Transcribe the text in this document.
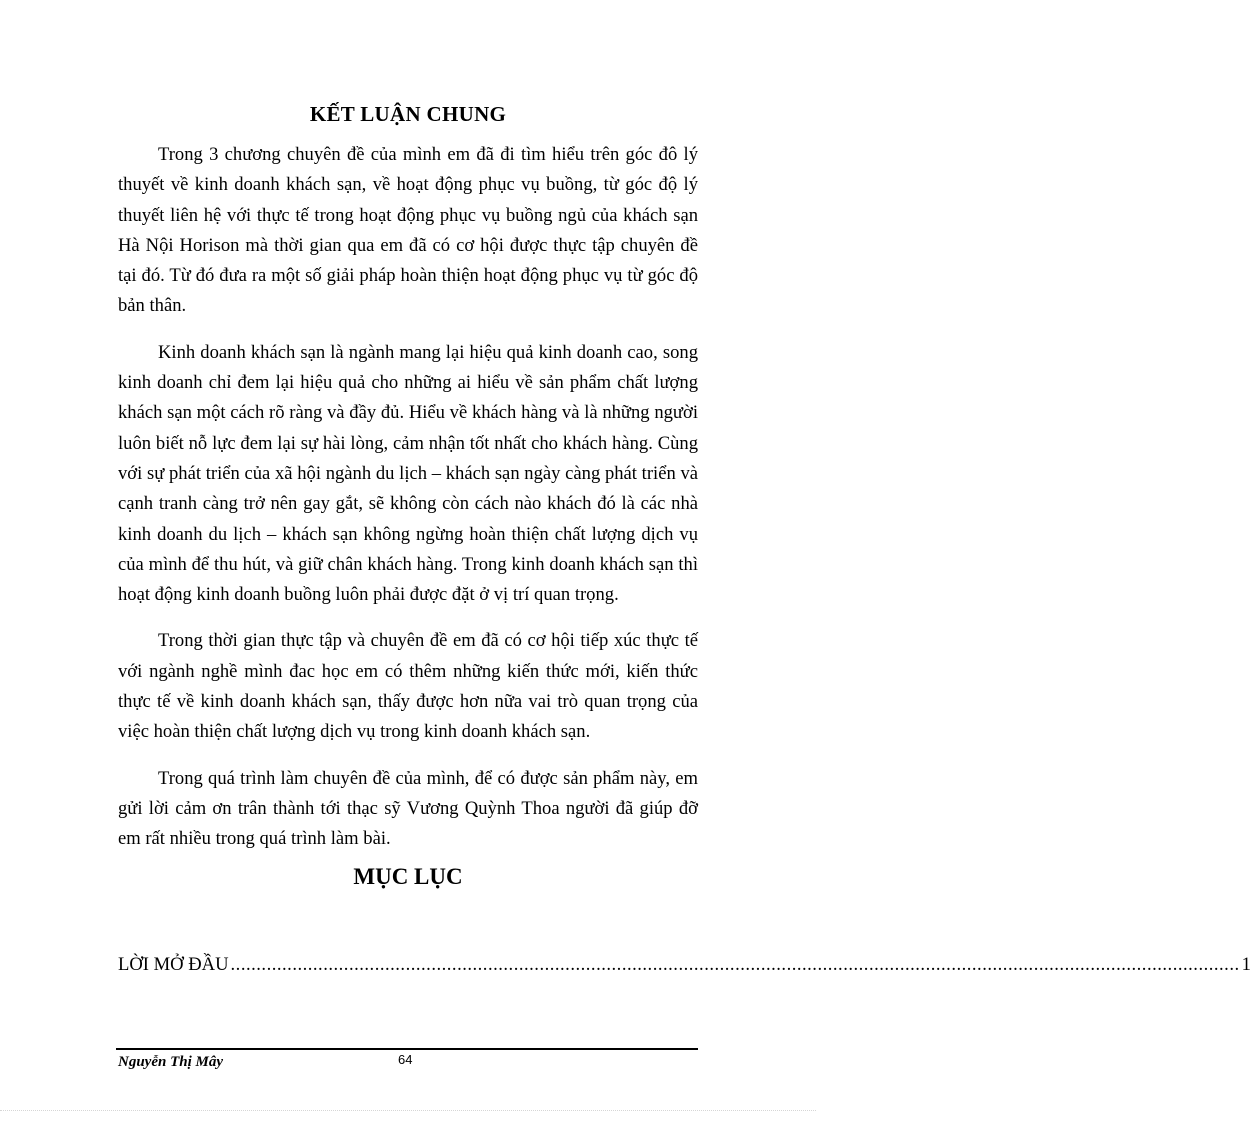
KẾT LUẬN CHUNG

Trong 3 chương chuyên đề của mình em đã đi tìm hiểu trên góc đô lý thuyết về kinh doanh khách sạn, về hoạt động phục vụ buồng, từ góc độ lý thuyết liên hệ với thực tế trong hoạt động phục vụ buồng ngủ của khách sạn Hà Nội Horison mà thời gian qua em đã có cơ hội được thực tập chuyên đề tại đó. Từ đó đưa ra một số giải pháp hoàn thiện hoạt động phục vụ từ góc độ bản thân.

Kinh doanh khách sạn là ngành mang lại hiệu quả kinh doanh cao, song kinh doanh chỉ đem lại hiệu quả cho những ai hiểu về sản phẩm chất lượng khách sạn một cách rõ ràng và đầy đủ. Hiểu về khách hàng và là những người luôn biết nỗ lực đem lại sự hài lòng, cảm nhận tốt nhất cho khách hàng. Cùng với sự phát triển của xã hội ngành du lịch – khách sạn ngày càng phát triển và cạnh tranh càng trở nên gay gắt, sẽ không còn cách nào khách đó là các nhà kinh doanh du lịch – khách sạn không ngừng hoàn thiện chất lượng dịch vụ của mình để thu hút, và giữ chân khách hàng. Trong kinh doanh khách sạn thì hoạt động kinh doanh buồng luôn phải được đặt ở vị trí quan trọng.

Trong thời gian thực tập và chuyên đề em đã có cơ hội tiếp xúc thực tế với ngành nghề mình đac học em có thêm những kiến thức mới, kiến thức thực tế về kinh doanh khách sạn, thấy được hơn nữa vai trò quan trọng của việc hoàn thiện chất lượng dịch vụ trong kinh doanh khách sạn.

Trong quá trình làm chuyên đề của mình, để có được sản phẩm này, em gửi lời cảm ơn trân thành tới thạc sỹ Vương Quỳnh Thoa người đã giúp đỡ em rất nhiều trong quá trình làm bài.

MỤC LỤC
LỜI MỞ ĐẦU .................................................................................................................................................................................................... 1
Nguyễn Thị Mây	64
